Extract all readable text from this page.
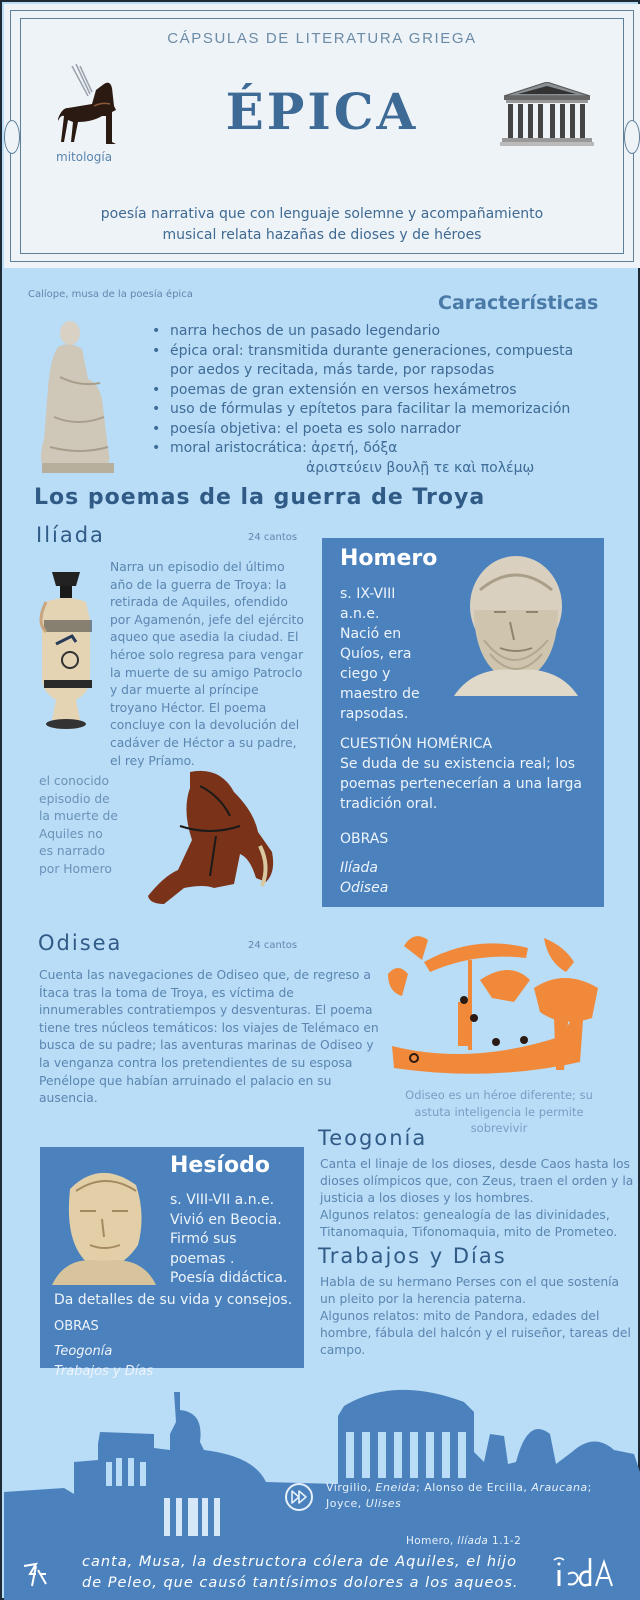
CÁPSULAS DE LITERATURA GRIEGA
mitología
ÉPICA
poesía narrativa que con lenguaje solemne y acompañamiento
musical relata hazañas de dioses y de héroes
Calíope, musa de la poesía épica	Características
• narra hechos de un pasado legendario
• épica oral: transmitida durante generaciones, compuesta por aedos y recitada, más tarde, por rapsodas
• poemas de gran extensión en versos hexámetros
• uso de fórmulas y epítetos para facilitar la memorización
• poesía objetiva: el poeta es solo narrador
• moral aristocrática: ἀρετή, δόξα
ἀριστεύειν βουλῇ τε καὶ πολέμῳ
Los poemas de la guerra de Troya
Ilíada	24 cantos
Narra un episodio del último año de la guerra de Troya: la retirada de Aquiles, ofendido por Agamenón, jefe del ejército aqueo que asedia la ciudad. El héroe solo regresa para vengar la muerte de su amigo Patroclo y dar muerte al príncipe troyano Héctor. El poema concluye con la devolución del cadáver de Héctor a su padre, el rey Príamo.
el conocido episodio de la muerte de Aquiles no es narrado por Homero
Homero
s. IX-VIII
a.n.e.
Nació en
Quíos, era
ciego y
maestro de
rapsodas.
CUESTIÓN HOMÉRICA
Se duda de su existencia real; los poemas pertenecerían a una larga tradición oral.
OBRAS
Ilíada
Odisea
Odisea	24 cantos
Cuenta las navegaciones de Odiseo que, de regreso a Ítaca tras la toma de Troya, es víctima de innumerables contratiempos y desventuras. El poema tiene tres núcleos temáticos: los viajes de Telémaco en busca de su padre; las aventuras marinas de Odiseo y la venganza contra los pretendientes de su esposa Penélope que habían arruinado el palacio en su ausencia.	Odiseo es un héroe diferente; su astuta inteligencia le permite sobrevivir
Hesíodo
s. VIII-VII a.n.e.
Vivió en Beocia.
Firmó sus
poemas .
Poesía didáctica.
Da detalles de su vida y consejos.
OBRAS
Teogonía
Trabajos y Días
Teogonía
Canta el linaje de los dioses, desde Caos hasta los dioses olímpicos que, con Zeus, traen el orden y la justicia a los dioses y los hombres.
Algunos relatos: genealogía de las divinidades, Titanomaquia, Tifonomaquia, mito de Prometeo.
Trabajos y Días
Habla de su hermano Perses con el que sostenía un pleito por la herencia paterna.
Algunos relatos: mito de Pandora, edades del hombre, fábula del halcón y el ruiseñor, tareas del campo.
Virgilio, Eneida; Alonso de Ercilla, Araucana; Joyce, Ulises
Homero, Ilíada 1.1-2
canta, Musa, la destructora cólera de Aquiles, el hijo de Peleo, que causó tantísimos dolores a los aqueos.
